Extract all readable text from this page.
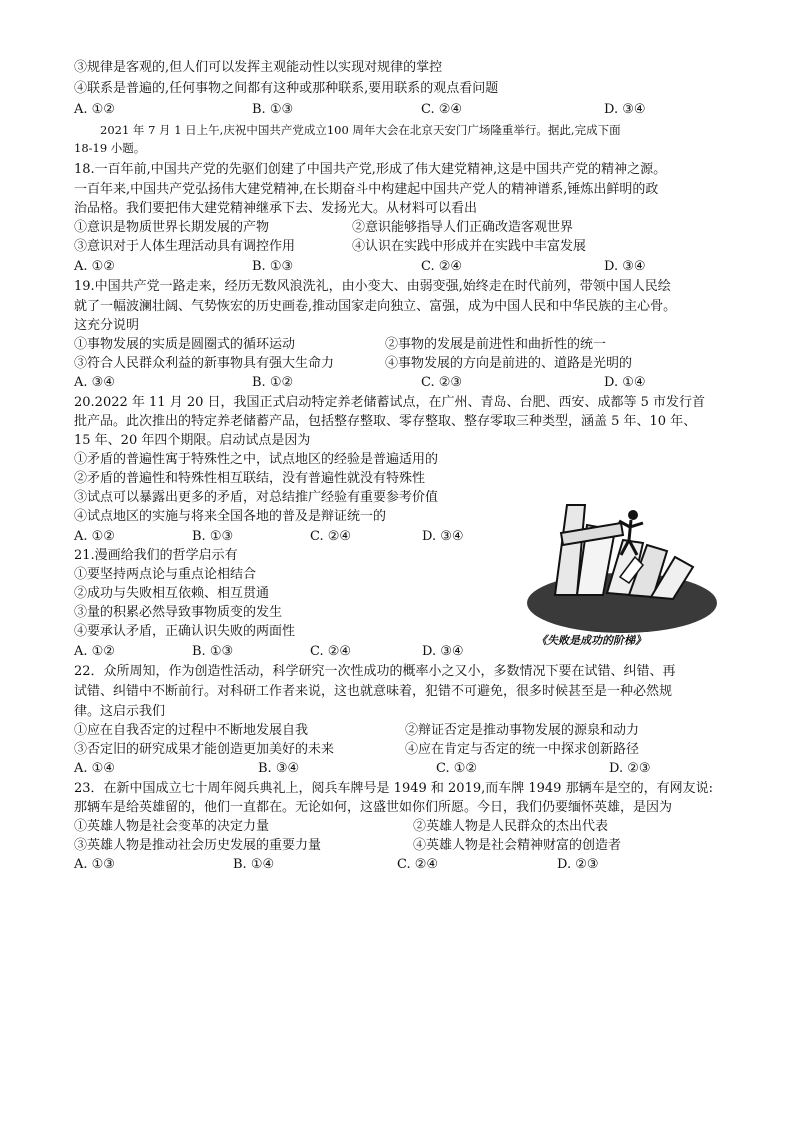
③规律是客观的,但人们可以发挥主观能动性以实现对规律的掌控
④联系是普遍的,任何事物之间都有这种或那种联系,要用联系的观点看问题
A. ①②	B. ①③	C. ②④	D. ③④
2021 年 7 月 1 日上午,庆祝中国共产党成立100 周年大会在北京天安门广场隆重举行。据此,完成下面
18-19 小题。
18.一百年前,中国共产党的先驱们创建了中国共产党,形成了伟大建党精神,这是中国共产党的精神之源。
一百年来,中国共产党弘扬伟大建党精神,在长期奋斗中构建起中国共产党人的精神谱系,锤炼出鲜明的政
治品格。我们要把伟大建党精神继承下去、发扬光大。从材料可以看出
①意识是物质世界长期发展的产物	②意识能够指导人们正确改造客观世界
③意识对于人体生理活动具有调控作用	④认识在实践中形成并在实践中丰富发展
A. ①②	B. ①③	C. ②④	D. ③④
19.中国共产党一路走来，经历无数风浪洗礼，由小变大、由弱变强,始终走在时代前列，带领中国人民绘
就了一幅波澜壮阔、气势恢宏的历史画卷,推动国家走向独立、富强，成为中国人民和中华民族的主心骨。
这充分说明
①事物发展的实质是圆圈式的循环运动	②事物的发展是前进性和曲折性的统一
③符合人民群众利益的新事物具有强大生命力	④事物发展的方向是前进的、道路是光明的
A. ③④	B. ①②	C. ②③	D. ①④
20.2022 年 11 月 20 日，我国正式启动特定养老储蓄试点，在广州、青岛、台肥、西安、成都等 5 市发行首
批产品。此次推出的特定养老储蓄产品，包括整存整取、零存整取、整存零取三种类型，涵盖 5 年、10 年、
15 年、20 年四个期限。启动试点是因为
①矛盾的普遍性寓于特殊性之中，试点地区的经验是普遍适用的
②矛盾的普遍性和特殊性相互联结，没有普遍性就没有特殊性
③试点可以暴露出更多的矛盾，对总结推广经验有重要参考价值
④试点地区的实施与将来全国各地的普及是辩证统一的
A. ①②	B. ①③	C. ②④	D. ③④
21.漫画给我们的哲学启示有
①要坚持两点论与重点论相结合
②成功与失败相互依赖、相互贯通
③量的积累必然导致事物质变的发生
④要承认矛盾，正确认识失败的两面性
A. ①②	B. ①③	C. ②④	D. ③④
《失败是成功的阶梯》
22．众所周知，作为创造性活动，科学研究一次性成功的概率小之又小，多数情况下要在试错、纠错、再
试错、纠错中不断前行。对科研工作者来说，这也就意味着，犯错不可避免，很多时候甚至是一种必然规
律。这启示我们
①应在自我否定的过程中不断地发展自我	②辩证否定是推动事物发展的源泉和动力
③否定旧的研究成果才能创造更加美好的未来	④应在肯定与否定的统一中探求创新路径
A. ①④	B. ③④	C. ①②	D. ②③
23．在新中国成立七十周年阅兵典礼上，阅兵车牌号是 1949 和 2019,而车牌 1949 那辆车是空的，有网友说:
那辆车是给英雄留的，他们一直都在。无论如何，这盛世如你们所愿。今日，我们仍要缅怀英雄，是因为
①英雄人物是社会变革的决定力量	②英雄人物是人民群众的杰出代表
③英雄人物是推动社会历史发展的重要力量	④英雄人物是社会精神财富的创造者
A. ①③	B. ①④	C. ②④	D. ②③
